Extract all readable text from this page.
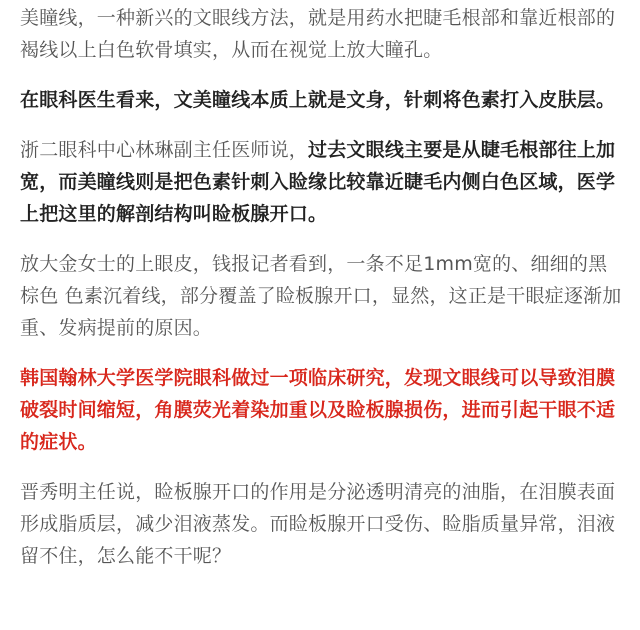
美瞳线，一种新兴的文眼线方法，就是用药水把睫毛根部和靠近根部的褐线以上白色软骨填实，从而在视觉上放大瞳孔。

在眼科医生看来，文美瞳线本质上就是文身，针刺将色素打入皮肤层。

浙二眼科中心林琳副主任医师说，过去文眼线主要是从睫毛根部往上加宽，而美瞳线则是把色素针刺入睑缘比较靠近睫毛内侧白色区域，医学上把这里的解剖结构叫睑板腺开口。

放大金女士的上眼皮，钱报记者看到，一条不足1mm宽的、细细的黑棕色 色素沉着线，部分覆盖了睑板腺开口，显然，这正是干眼症逐渐加重、发病提前的原因。

韩国翰林大学医学院眼科做过一项临床研究，发现文眼线可以导致泪膜破裂时间缩短，角膜荧光着染加重以及睑板腺损伤，进而引起干眼不适的症状。

晋秀明主任说，睑板腺开口的作用是分泌透明清亮的油脂，在泪膜表面形成脂质层，减少泪液蒸发。而睑板腺开口受伤、睑脂质量异常，泪液留不住，怎么能不干呢？
